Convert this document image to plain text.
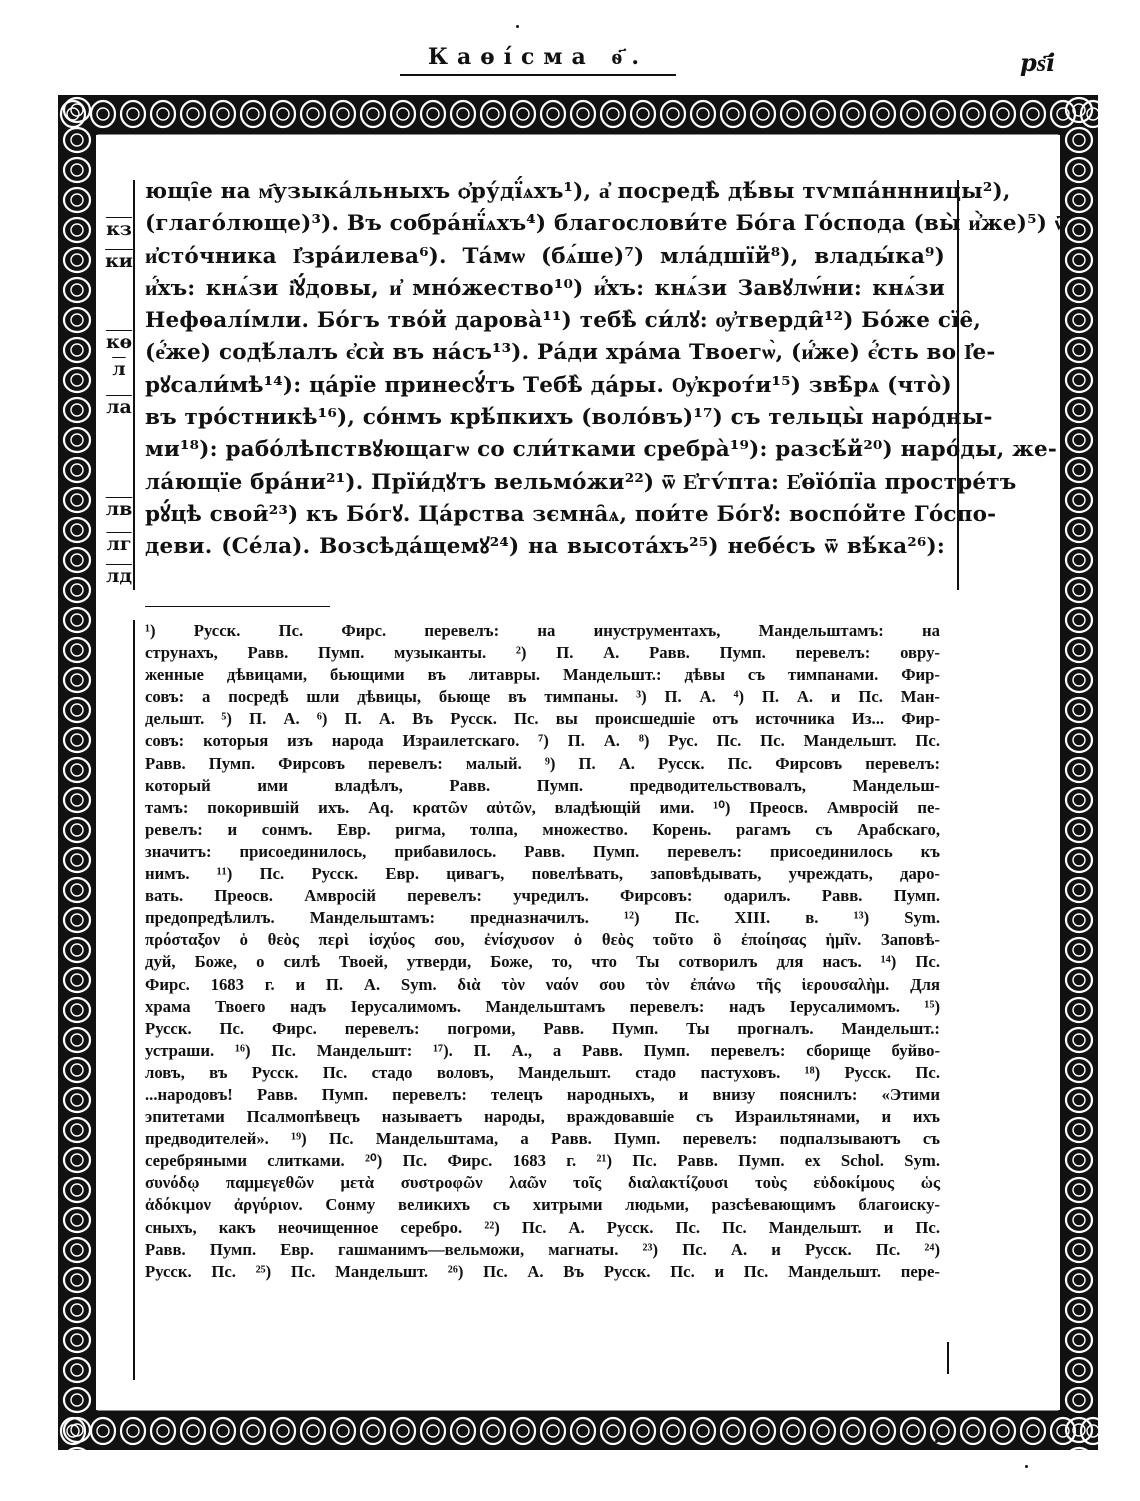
Каѳі́сма ѳ҃.	рѕ҃і
кз
ки
кѳ
л
ла
лв
лг
лд
ющі̑е на м҄узыка́льныхъ ѻ҆ру́дї́ѧхъ¹), а҆ посредѣ̀ дѣ́вы тѵмпа́ннницы²),
(глаго́люще)³). Въ собра́нї́ѧхъ⁴) благослови́те Бо́га Го́спода (вы̀ и҆̀же)⁵) ѿ
и҆сто́чника І҆зра́илева⁶). Та́мѡ (бѧ́ше)⁷) мла́дшїй⁸), влады́ка⁹)
и҆́хъ: кнѧ́зи і҆ꙋ́довы, и҆ мно́жество¹⁰) и҆́хъ: кнѧ́зи Завꙋлѡ́ни: кнѧ́зи
Нефѳалі́мли. Бо́гъ тво́й дарова̀¹¹) тебѣ̀ си́лꙋ: ѹ҆тверди̑¹²) Бо́же сїе̑,
(е҆́же) содѣ́лалъ є҆сѝ въ на́съ¹³). Ра́ди хра́ма Твоегѡ̀, (и҆́же) є҆́сть во І҆е-
рꙋсали́мѣ¹⁴): ца́рїе принесꙋ́тъ Тебѣ̀ да́ры. Ѹ҆крот́и¹⁵) звѣ̑рѧ (что̀)
въ тро́стникѣ¹⁶), со́нмъ крѣ́пкихъ (воло́въ)¹⁷) съ тельцы̀ наро́дны-
ми¹⁸): рабо́лѣпствꙋющагѡ со сли́тками сребра̀¹⁹): разсѣ́й²⁰) наро́ды, же-
ла́ющїе бра́ни²¹). Прїи́дꙋтъ вельмо́жи²²) ѿ Е҆гѵ́пта: Е҆ѳїо́пїа простре́тъ
рꙋ́цѣ свои̑²³) къ Бо́гꙋ. Ца́рства зємна̑ѧ, пои́те Бо́гꙋ: воспо́йте Го́спо-
деви. (Се́ла). Возсѣда́щемꙋ²⁴) на высота́хъ²⁵) небе́съ ѿ вѣ́ка²⁶):
¹) Русск. Пс. Фирс. перевелъ: на инуструментахъ, Мандельштамъ: на
струнахъ, Равв. Пумп. музыканты. ²) П. А. Равв. Пумп. перевелъ: овру-
женные дѣвицами, бьющими въ литавры. Мандельшт.: дѣвы съ тимпанами. Фир-
совъ: а посредѣ шли дѣвицы, бьюще въ тимпаны. ³) П. А. ⁴) П. А. и Пс. Ман-
дельшт. ⁵) П. А. ⁶) П. А. Въ Русск. Пс. вы происшедшіе отъ источника Из... Фир-
совъ: которыя изъ народа Израилетскаго. ⁷) П. А. ⁸) Рус. Пс. Пс. Мандельшт. Пс.
Равв. Пумп. Фирсовъ перевелъ: малый. ⁹) П. А. Русск. Пс. Фирсовъ перевелъ:
который ими владѣлъ, Равв. Пумп. предводительствовалъ, Мандельш-
тамъ: покорившій ихъ. Aq. κρατῶν αὐτῶν, владѣющій ими. ¹⁰) Преосв. Амвросій пе-
ревелъ: и сонмъ. Евр. ригма, толпа, множество. Корень. рагамъ съ Арабскаго,
значитъ: присоединилось, прибавилось. Равв. Пумп. перевелъ: присоединилось къ
нимъ. ¹¹) Пс. Русск. Евр. цивагъ, повелѣвать, заповѣдывать, учреждать, даро-
вать. Преосв. Амвросій перевелъ: учредилъ. Фирсовъ: одарилъ. Равв. Пумп.
предопредѣлилъ. Мандельштамъ: предназначилъ. ¹²) Пс. XIII. в. ¹³) Sym.
πρόσταξον ὁ θεὸς περὶ ἰσχύος σου, ἐνίσχυσον ὁ θεὸς τοῦτο ὃ ἐποίησας ἡμῖν. Заповѣ-
дуй, Боже, о силѣ Твоей, утверди, Боже, то, что Ты сотворилъ для насъ. ¹⁴) Пс.
Фирс. 1683 г. и П. А. Sym. διὰ τὸν ναόν σου τὸν ἐπάνω τῆς ἱερουσαλὴμ. Для
храма Твоего надъ Іерусалимомъ. Мандельштамъ перевелъ: надъ Іерусалимомъ. ¹⁵)
Русск. Пс. Фирс. перевелъ: погроми, Равв. Пумп. Ты прогналъ. Мандельшт.:
устраши. ¹⁶) Пс. Мандельшт: ¹⁷). П. А., а Равв. Пумп. перевелъ: сборище буйво-
ловъ, въ Русск. Пс. стадо воловъ, Мандельшт. стадо пастуховъ. ¹⁸) Русск. Пс.
...народовъ! Равв. Пумп. перевелъ: телецъ народныхъ, и внизу пояснилъ: «Этими
эпитетами Псалмопѣвецъ называетъ народы, враждовавшіе съ Израильтянами, и ихъ
предводителей». ¹⁹) Пс. Мандельштама, а Равв. Пумп. перевелъ: подпалзываютъ съ
серебряными слитками. ²⁰) Пс. Фирс. 1683 г. ²¹) Пс. Равв. Пумп. ex Schol. Sym.
συνόδῳ παμμεγεθῶν μετὰ συστροφῶν λαῶν τοῖς διαλακτίζουσι τοὺς εὐδοκίμους ὡς
ἀδόκιμον ἀργύριον. Сонму великихъ съ хитрыми людьми, разсѣевающимъ благоиску-
сныхъ, какъ неочищенное серебро. ²²) Пс. А. Русск. Пс. Пс. Мандельшт. и Пс.
Равв. Пумп. Евр. гашманимъ—вельможи, магнаты. ²³) Пс. А. и Русск. Пс. ²⁴)
Русск. Пс. ²⁵) Пс. Мандельшт. ²⁶) Пс. А. Въ Русск. Пс. и Пс. Мандельшт. пере-
